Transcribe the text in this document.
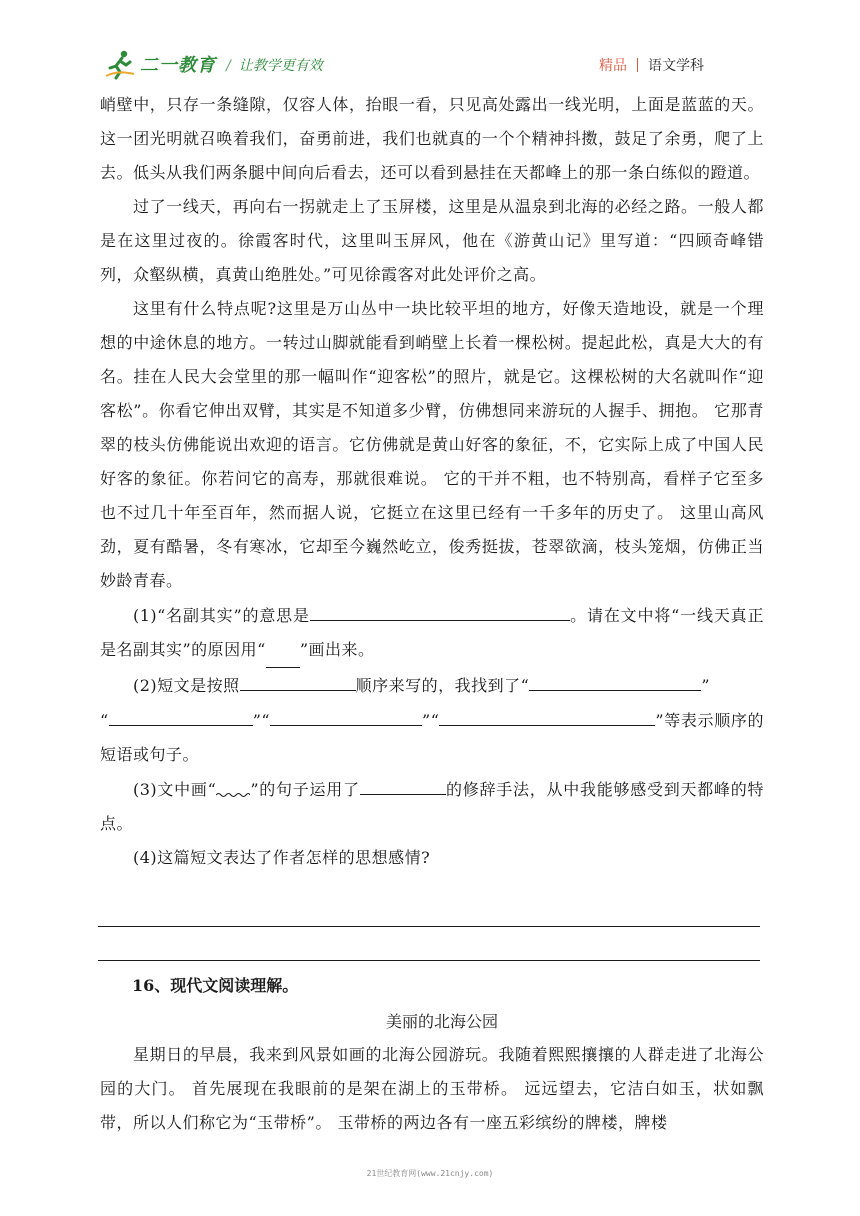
二一教育 / 让教学更有效	精品 语文学科

峭壁中，只存一条缝隙，仅容人体，抬眼一看，只见高处露出一线光明，上面是蓝蓝的天。这一团光明就召唤着我们，奋勇前进，我们也就真的一个个精神抖擞，鼓足了余勇，爬了上去。低头从我们两条腿中间向后看去，还可以看到悬挂在天都峰上的那一条白练似的蹬道。

过了一线天，再向右一拐就走上了玉屏楼，这里是从温泉到北海的必经之路。一般人都是在这里过夜的。徐霞客时代，这里叫玉屏风，他在《游黄山记》里写道：“四顾奇峰错列，众壑纵横，真黄山绝胜处。”可见徐霞客对此处评价之高。

这里有什么特点呢?这里是万山丛中一块比较平坦的地方，好像天造地设，就是一个理想的中途休息的地方。一转过山脚就能看到峭壁上长着一棵松树。提起此松，真是大大的有名。挂在人民大会堂里的那一幅叫作“迎客松”的照片，就是它。这棵松树的大名就叫作“迎客松”。你看它伸出双臂，其实是不知道多少臂，仿佛想同来游玩的人握手、拥抱。 它那青翠的枝头仿佛能说出欢迎的语言。它仿佛就是黄山好客的象征，不，它实际上成了中国人民好客的象征。你若问它的高寿，那就很难说。 它的干并不粗，也不特别高，看样子它至多也不过几十年至百年，然而据人说，它挺立在这里已经有一千多年的历史了。 这里山高风劲，夏有酷暑，冬有寒冰，它却至今巍然屹立，俊秀挺拔，苍翠欲滴，枝头笼烟，仿佛正当妙龄青春。

(1)“名副其实”的意思是	。请在文中将“一线天真正是名副其实”的原因用“ ”画出来。

(2)短文是按照	顺序来写的，我找到了“	”

“	”“	”“	”等表示顺序的短语或句子。

(3)文中画“ ”的句子运用了	的修辞手法，从中我能够感受到天都峰的特点。

(4)这篇短文表达了作者怎样的思想感情?

16、现代文阅读理解。
美丽的北海公园

星期日的早晨，我来到风景如画的北海公园游玩。我随着熙熙攘攘的人群走进了北海公园的大门。 首先展现在我眼前的是架在湖上的玉带桥。 远远望去，它洁白如玉，状如飘带，所以人们称它为“玉带桥”。 玉带桥的两边各有一座五彩缤纷的牌楼，牌楼

21世纪教育网(www.21cnjy.com)
